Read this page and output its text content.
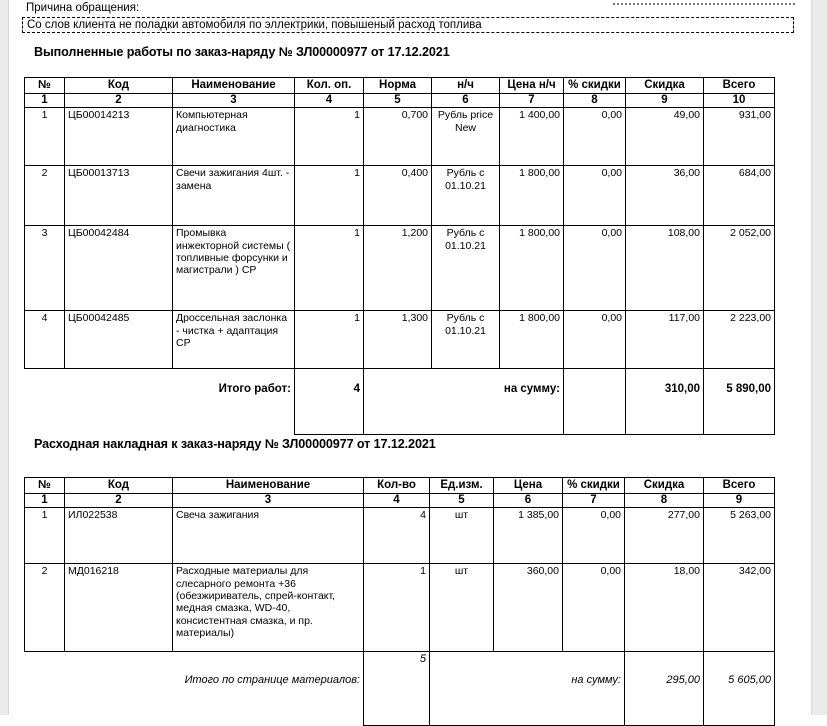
Причина обращения:
Со слов клиента не поладки автомобиля по эллектрики, повышеный расход топлива
Выполненные работы по заказ-наряду № ЗЛ00000977 от 17.12.2021
№	Код	Наименование	Кол. оп.	Норма	н/ч	Цена н/ч	% скидки	Скидка	Всего
1	2	3	4	5	6	7	8	9	10
1	ЦБ00014213	Компьютерная диагностика	1	0,700	Рубль price New	1 400,00	0,00	49,00	931,00
2	ЦБ00013713	Свечи зажигания 4шт. - замена	1	0,400	Рубль с 01.10.21	1 800,00	0,00	36,00	684,00
3	ЦБ00042484	Промывка инжекторной системы ( топливные форсунки и магистрали ) СР	1	1,200	Рубль с 01.10.21	1 800,00	0,00	108,00	2 052,00
4	ЦБ00042485	Дроссельная заслонка - чистка + адаптация СР	1	1,300	Рубль с 01.10.21	1 800,00	0,00	117,00	2 223,00
Итого работ:			4	на сумму:				310,00	5 890,00
Расходная накладная к заказ-наряду № ЗЛ00000977 от 17.12.2021
№	Код	Наименование	Кол-во	Ед.изм.	Цена	% скидки	Скидка	Всего
1	2	3	4	5	6	7	8	9
1	ИЛ022538	Свеча зажигания	4	шт	1 385,00	0,00	277,00	5 263,00
2	МД016218	Расходные материалы для слесарного ремонта +36 (обезжириватель, спрей-контакт, медная смазка, WD-40, консистентная смазка, и пр. материалы)	1	шт	360,00	0,00	18,00	342,00
Итого по странице материалов:			5	на сумму:			295,00	5 605,00
